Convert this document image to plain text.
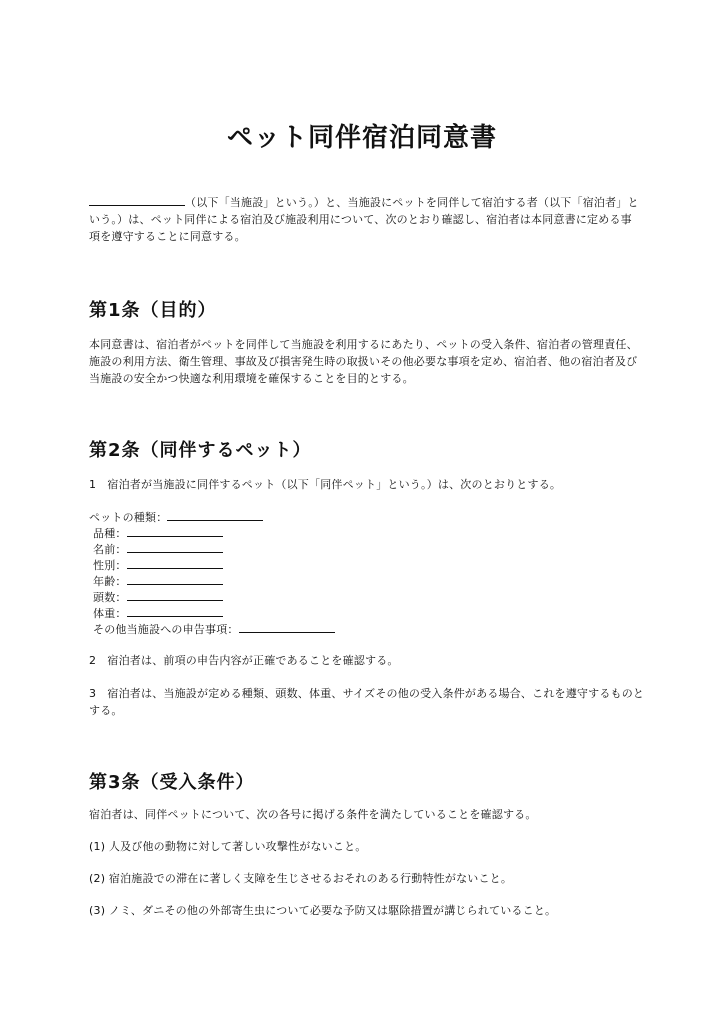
ペット同伴宿泊同意書
（以下「当施設」という。）と、当施設にペットを同伴して宿泊する者（以下「宿泊者」という。）は、ペット同伴による宿泊及び施設利用について、次のとおり確認し、宿泊者は本同意書に定める事項を遵守することに同意する。
第1条（目的）

本同意書は、宿泊者がペットを同伴して当施設を利用するにあたり、ペットの受入条件、宿泊者の管理責任、施設の利用方法、衛生管理、事故及び損害発生時の取扱いその他必要な事項を定め、宿泊者、他の宿泊者及び当施設の安全かつ快適な利用環境を確保することを目的とする。

第2条（同伴するペット）

1　宿泊者が当施設に同伴するペット（以下「同伴ペット」という。）は、次のとおりとする。

ペットの種類：
品種：
名前：
性別：
年齢：
頭数：
体重：
その他当施設への申告事項：

2　宿泊者は、前項の申告内容が正確であることを確認する。

3　宿泊者は、当施設が定める種類、頭数、体重、サイズその他の受入条件がある場合、これを遵守するものとする。

第3条（受入条件）

宿泊者は、同伴ペットについて、次の各号に掲げる条件を満たしていることを確認する。

(1) 人及び他の動物に対して著しい攻撃性がないこと。

(2) 宿泊施設での滞在に著しく支障を生じさせるおそれのある行動特性がないこと。

(3) ノミ、ダニその他の外部寄生虫について必要な予防又は駆除措置が講じられていること。
